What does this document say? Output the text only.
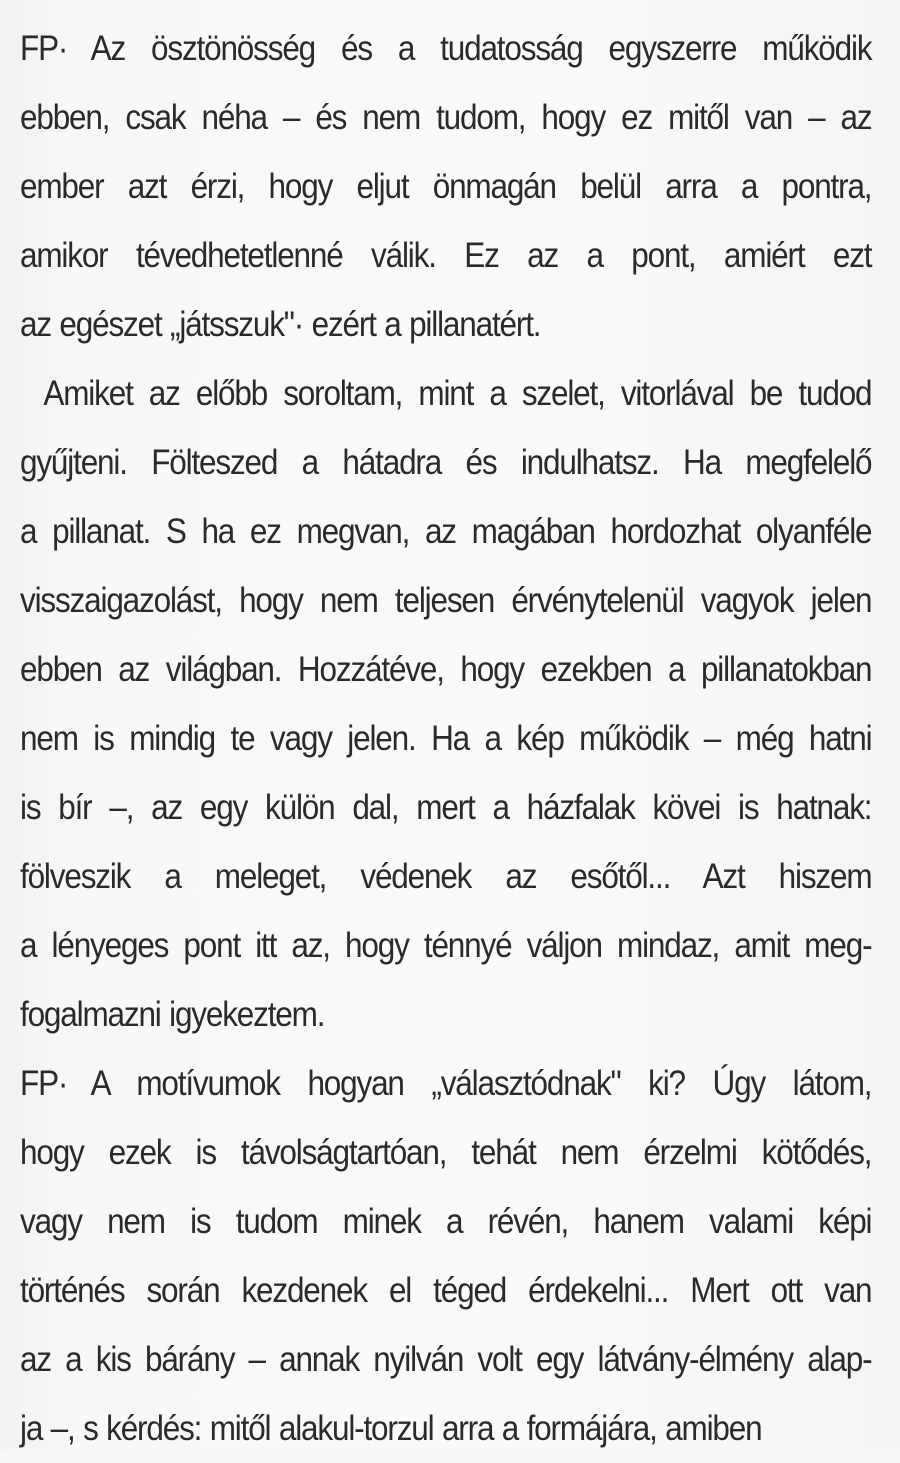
FP· Az ösztönösség és a tudatosság egyszerre működik
ebben, csak néha – és nem tudom, hogy ez mitől van – az
ember azt érzi, hogy eljut önmagán belül arra a pontra,
amikor tévedhetetlenné válik. Ez az a pont, amiért ezt
az egészet „játsszuk"· ezért a pillanatért.
Amiket az előbb soroltam, mint a szelet, vitorlával be tudod
gyűjteni. Fölteszed a hátadra és indulhatsz. Ha megfelelő
a pillanat. S ha ez megvan, az magában hordozhat olyanféle
visszaigazolást, hogy nem teljesen érvénytelenül vagyok jelen
ebben az világban. Hozzátéve, hogy ezekben a pillanatokban
nem is mindig te vagy jelen. Ha a kép működik – még hatni
is bír –, az egy külön dal, mert a házfalak kövei is hatnak:
fölveszik a meleget, védenek az esőtől... Azt hiszem
a lényeges pont itt az, hogy ténnyé váljon mindaz, amit meg-
fogalmazni igyekeztem.
FP· A motívumok hogyan „választódnak" ki? Úgy látom,
hogy ezek is távolságtartóan, tehát nem érzelmi kötődés,
vagy nem is tudom minek a révén, hanem valami képi
történés során kezdenek el téged érdekelni... Mert ott van
az a kis bárány – annak nyilván volt egy látvány-élmény alap-
ja –, s kérdés: mitől alakul-torzul arra a formájára, amiben
